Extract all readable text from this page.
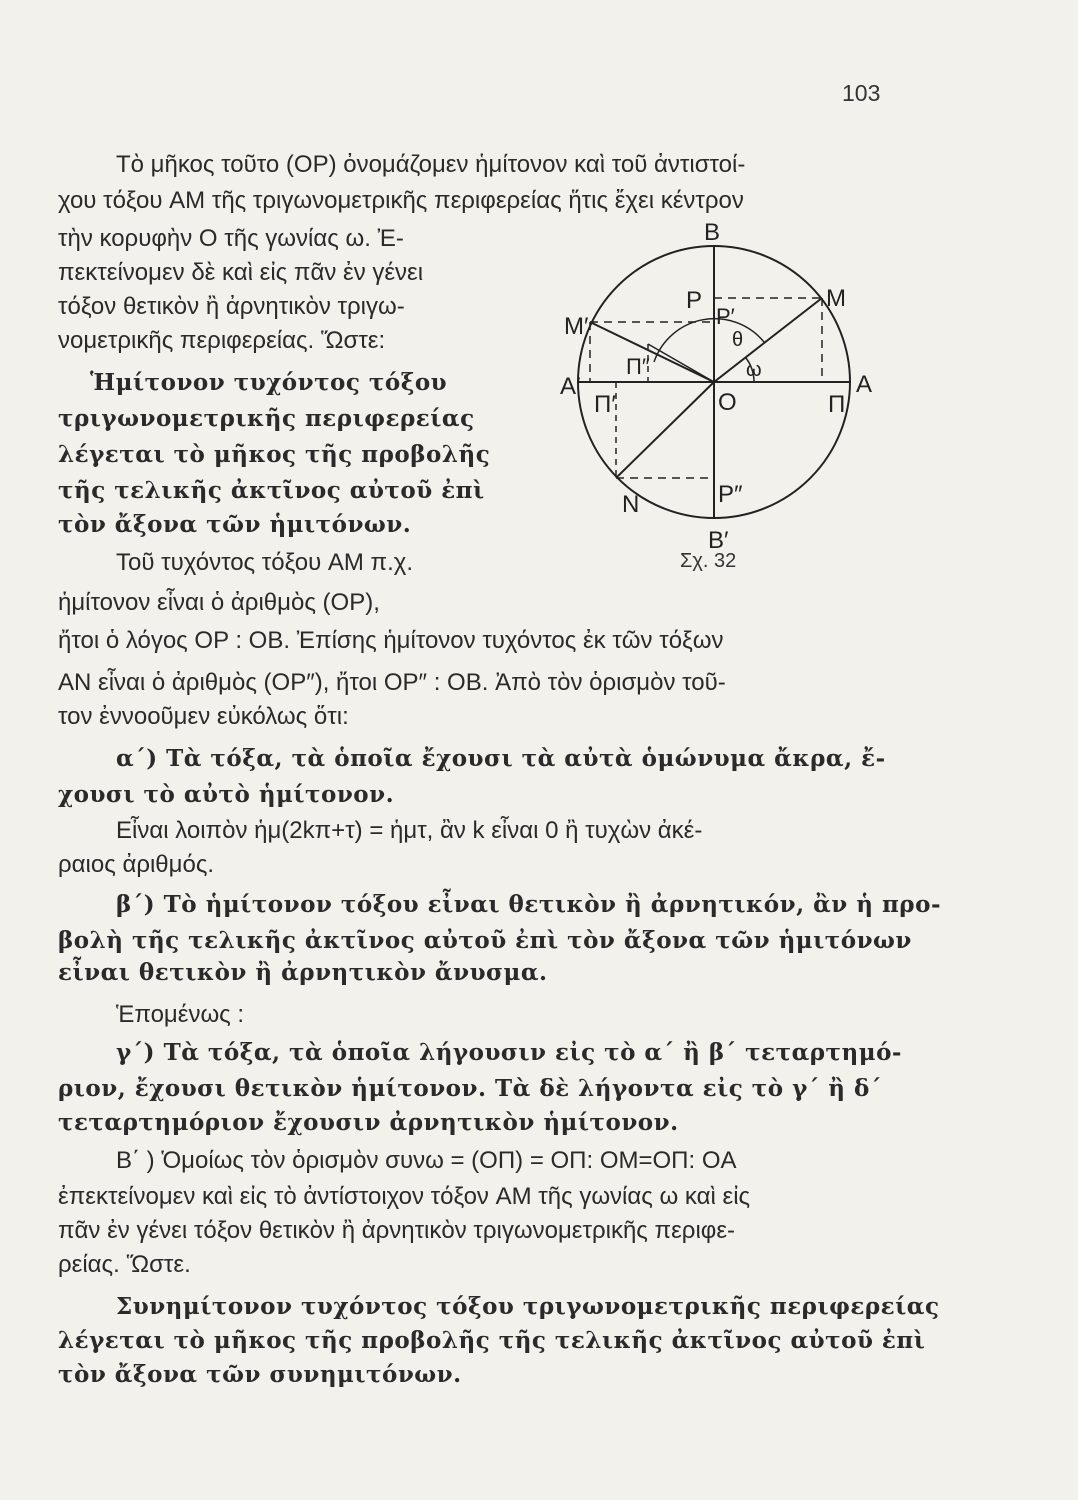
103
Τὸ μῆκος τοῦτο (OP) ὀνομάζομεν ἡμίτονον καὶ τοῦ ἀντιστοί-
χου τόξου AM τῆς τριγωνομετρικῆς περιφερείας ἥτις ἔχει κέντρον
τὴν κορυφὴν O τῆς γωνίας ω. Ἐ-
πεκτείνομεν δὲ καὶ εἰς πᾶν ἐν γένει
τόξον θετικὸν ἢ ἀρνητικὸν τριγω-
νομετρικῆς περιφερείας. Ὥστε:
Ἡμίτονον τυχόντος τόξου
τριγωνομετρικῆς περιφερείας
λέγεται τὸ μῆκος τῆς προβολῆς
τῆς τελικῆς ἀκτῖνος αὐτοῦ ἐπὶ
τὸν ἄξονα τῶν ἡμιτόνων.
Τοῦ τυχόντος τόξου AM π.χ.
ἡμίτονον εἶναι ὁ ἀριθμὸς (OP),
ἤτοι ὁ λόγος OP : OB. Ἐπίσης ἡμίτονον τυχόντος ἐκ τῶν τόξων
AN εἶναι ὁ ἀριθμὸς (OP″), ἤτοι OP″ : OB. Ἀπὸ τὸν ὁρισμὸν τοῦ-
τον ἐννοοῦμεν εὐκόλως ὅτι:
α΄) Τὰ τόξα, τὰ ὁποῖα ἔχουσι τὰ αὐτὰ ὁμώνυμα ἄκρα, ἔ-
χουσι τὸ αὐτὸ ἡμίτονον.
Εἶναι λοιπὸν ἡμ(2kπ+τ) = ἡμτ, ἂν k εἶναι 0 ἢ τυχὼν ἀκέ-
ραιος ἀριθμός.
β΄) Τὸ ἡμίτονον τόξου εἶναι θετικὸν ἢ ἀρνητικόν, ἂν ἡ προ-
βολὴ τῆς τελικῆς ἀκτῖνος αὐτοῦ ἐπὶ τὸν ἄξονα τῶν ἡμιτόνων
εἶναι θετικὸν ἢ ἀρνητικὸν ἄνυσμα.
Ἑπομένως :
γ΄) Τὰ τόξα, τὰ ὁποῖα λήγουσιν εἰς τὸ α΄ ἢ β΄ τεταρτημό-
ριον, ἔχουσι θετικὸν ἡμίτονον. Τὰ δὲ λήγοντα εἰς τὸ γ΄ ἢ δ΄
τεταρτημόριον ἔχουσιν ἀρνητικὸν ἡμίτονον.
Β΄ ) Ὁμοίως τὸν ὁρισμὸν συνω = (OΠ) = OΠ: OM=OΠ: OA
ἐπεκτείνομεν καὶ εἰς τὸ ἀντίστοιχον τόξον AM τῆς γωνίας ω καὶ εἰς
πᾶν ἐν γένει τόξον θετικὸν ἢ ἀρνητικὸν τριγωνομετρικῆς περιφε-
ρείας. Ὥστε.
Συνημίτονον τυχόντος τόξου τριγωνομετρικῆς περιφερείας
λέγεται τὸ μῆκος τῆς προβολῆς τῆς τελικῆς ἀκτῖνος αὐτοῦ ἐπὶ
τὸν ἄξονα τῶν συνημιτόνων.
B
B′
M
M′
A
A′
N
O
P
P′
P″
Π
Π′
Π″
θ
ω
Σχ. 32
